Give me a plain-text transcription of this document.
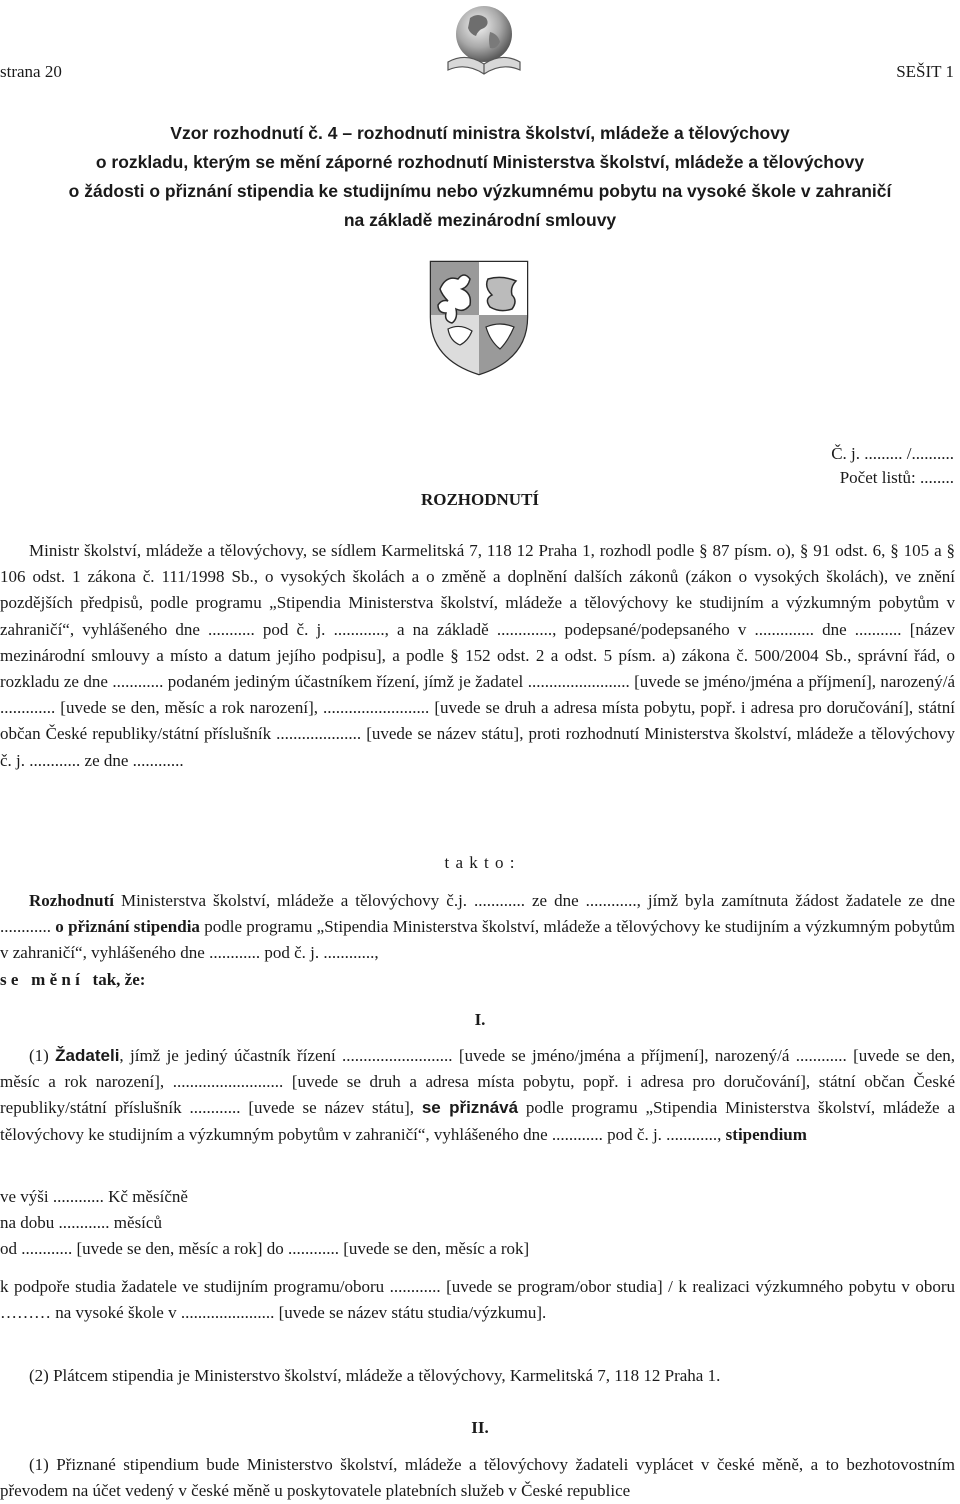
strana 20	SEŠIT 1
Vzor rozhodnutí č. 4 – rozhodnutí ministra školství, mládeže a tělovýchovy
o rozkladu, kterým se mění záporné rozhodnutí Ministerstva školství, mládeže a tělovýchovy
o žádosti o přiznání stipendia ke studijnímu nebo výzkumnému pobytu na vysoké škole v zahraničí
na základě mezinárodní smlouvy
Č. j. ......... /..........
Počet listů: ........
ROZHODNUTÍ

Ministr školství, mládeže a tělovýchovy, se sídlem Karmelitská 7, 118 12 Praha 1, rozhodl podle § 87 písm. o), § 91 odst. 6, § 105 a § 106 odst. 1 zákona č. 111/1998 Sb., o vysokých školách a o změně a doplnění dalších zákonů (zákon o vysokých školách), ve znění pozdějších předpisů, podle programu „Stipendia Ministerstva školství, mládeže a tělovýchovy ke studijním a výzkumným pobytům v zahraničí“, vyhlášeného dne ........... pod č. j. ............, a na základě ............., podepsané/podepsaného v .............. dne ........... [název mezinárodní smlouvy a místo a datum jejího podpisu], a podle § 152 odst. 2 a odst. 5 písm. a) zákona č. 500/2004 Sb., správní řád, o rozkladu ze dne ............ podaném jediným účastníkem řízení, jímž je žadatel ........................ [uvede se jméno/jména a příjmení], narozený/á ............. [uvede se den, měsíc a rok narození], ......................... [uvede se druh a adresa místa pobytu, popř. i adresa pro doručování], státní občan České republiky/státní příslušník .................... [uvede se název státu], proti rozhodnutí Ministerstva školství, mládeže a tělovýchovy č. j. ............ ze dne ............

t a k t o :

Rozhodnutí Ministerstva školství, mládeže a tělovýchovy č.j. ............ ze dne ............, jímž byla zamítnuta žádost žadatele ze dne ............ o přiznání stipendia podle programu „Stipendia Ministerstva školství, mládeže a tělovýchovy ke studijním a výzkumným pobytům v zahraničí“, vyhlášeného dne ............ pod č. j. ............,

s e   m ě n í   tak, že:

I.

(1) Žadateli, jímž je jediný účastník řízení .......................... [uvede se jméno/jména a příjmení], narozený/á ............ [uvede se den, měsíc a rok narození], .......................... [uvede se druh a adresa místa pobytu, popř. i adresa pro doručování], státní občan České republiky/státní příslušník ............ [uvede se název státu], se přiznává podle programu „Stipendia Ministerstva školství, mládeže a tělovýchovy ke studijním a výzkumným pobytům v zahraničí“, vyhlášeného dne ............ pod č. j. ............, stipendium

ve výši ............ Kč měsíčně

na dobu ............ měsíců

od ............ [uvede se den, měsíc a rok] do ............ [uvede se den, měsíc a rok]

k podpoře studia žadatele ve studijním programu/oboru ............ [uvede se program/obor studia] / k realizaci výzkumného pobytu v oboru ……… na vysoké škole v ...................... [uvede se název státu studia/výzkumu].

(2) Plátcem stipendia je Ministerstvo školství, mládeže a tělovýchovy, Karmelitská 7, 118 12 Praha 1.

II.

(1) Přiznané stipendium bude Ministerstvo školství, mládeže a tělovýchovy žadateli vyplácet v české měně, a to bezhotovostním převodem na účet vedený v české měně u poskytovatele platebních služeb v České republice
